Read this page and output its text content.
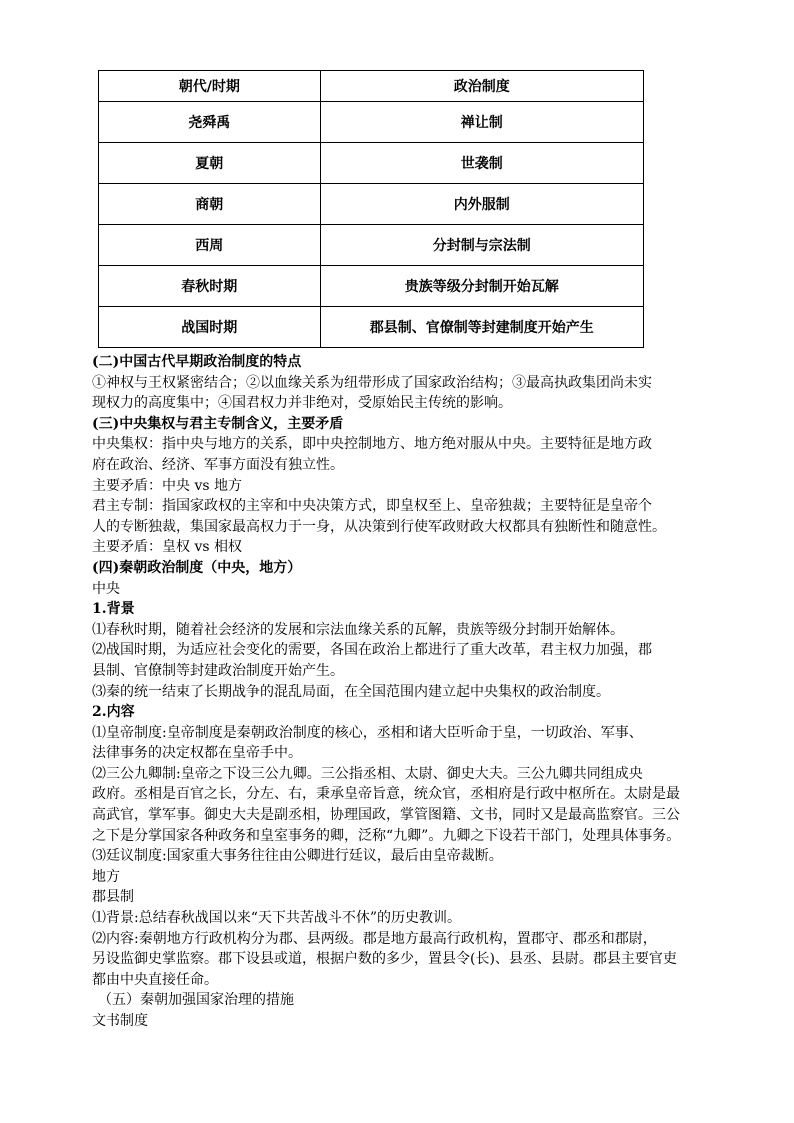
朝代/时期	政治制度
尧舜禹	禅让制
夏朝	世袭制
商朝	内外服制
西周	分封制与宗法制
春秋时期	贵族等级分封制开始瓦解
战国时期	郡县制、官僚制等封建制度开始产生

(二)中国古代早期政治制度的特点

①神权与王权紧密结合；②以血缘关系为纽带形成了国家政治结构；③最高执政集团尚未实

现权力的高度集中；④国君权力并非绝对，受原始民主传统的影响。

(三)中央集权与君主专制含义，主要矛盾

中央集权：指中央与地方的关系，即中央控制地方、地方绝对服从中央。主要特征是地方政

府在政治、经济、军事方面没有独立性。

主要矛盾：中央 vs 地方

君主专制：指国家政权的主宰和中央决策方式，即皇权至上、皇帝独裁；主要特征是皇帝个

人的专断独裁，集国家最高权力于一身，从决策到行使军政财政大权都具有独断性和随意性。

主要矛盾：皇权 vs 相权

(四)秦朝政治制度（中央，地方）

中央

1.背景

⑴春秋时期，随着社会经济的发展和宗法血缘关系的瓦解，贵族等级分封制开始解体。

⑵战国时期，为适应社会变化的需要，各国在政治上都进行了重大改革，君主权力加强，郡

县制、官僚制等封建政治制度开始产生。

⑶秦的统一结束了长期战争的混乱局面，在全国范围内建立起中央集权的政治制度。

2.内容

⑴皇帝制度:皇帝制度是秦朝政治制度的核心，丞相和诸大臣听命于皇，一切政治、军事、

法律事务的决定权都在皇帝手中。

⑵三公九卿制:皇帝之下设三公九卿。三公指丞相、太尉、御史大夫。三公九卿共同组成央

政府。丞相是百官之长，分左、右，秉承皇帝旨意，统众官，丞相府是行政中枢所在。太尉是最

高武官，掌军事。御史大夫是副丞相，协理国政，掌管图籍、文书，同时又是最高监察官。三公

之下是分掌国家各种政务和皇室事务的卿，泛称“九卿”。九卿之下设若干部门，处理具体事务。

⑶廷议制度:国家重大事务往往由公卿进行廷议，最后由皇帝裁断。

地方

郡县制

⑴背景:总结春秋战国以来“天下共苦战斗不休”的历史教训。

⑵内容:秦朝地方行政机构分为郡、县两级。郡是地方最高行政机构，置郡守、郡丞和郡尉，

另设监御史掌监察。郡下设县或道，根据户数的多少，置县令(长)、县丞、县尉。郡县主要官吏

都由中央直接任命。

（五）秦朝加强国家治理的措施

文书制度
